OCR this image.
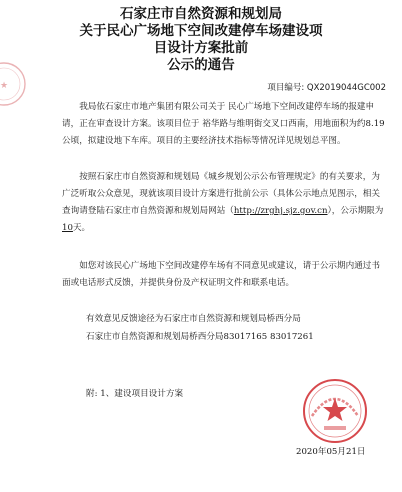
★
石家庄市自然资源和规划局
关于民心广场地下空间改建停车场建设项
目设计方案批前
公示的通告
项目编号: QX2019044GC002

我局依石家庄市地产集团有限公司关于 民心广场地下空间改建停车场的报建申请，正在审查设计方案。该项目位于 裕华路与维明街交叉口西南，用地面积为约8.19 公顷，拟建设地下车库。项目的主要经济技术指标等情况详见规划总平图。

按照石家庄市自然资源和规划局《城乡规划公示公布管理规定》的有关要求，为广泛听取公众意见，现就该项目设计方案进行批前公示（具体公示地点见图示，相关查询请登陆石家庄市自然资源和规划局网站（http://zrghj.sjz.gov.cn），公示期限为10天。

如您对该民心广场地下空间改建停车场有不同意见或建议，请于公示期内通过书面或电话形式反馈，并提供身份及产权证明文件和联系电话。

有效意见反馈途径为石家庄市自然资源和规划局桥西分局
石家庄市自然资源和规划局桥西分局83017165 83017261
附: 1、建设项目设计方案
2020年05月21日
